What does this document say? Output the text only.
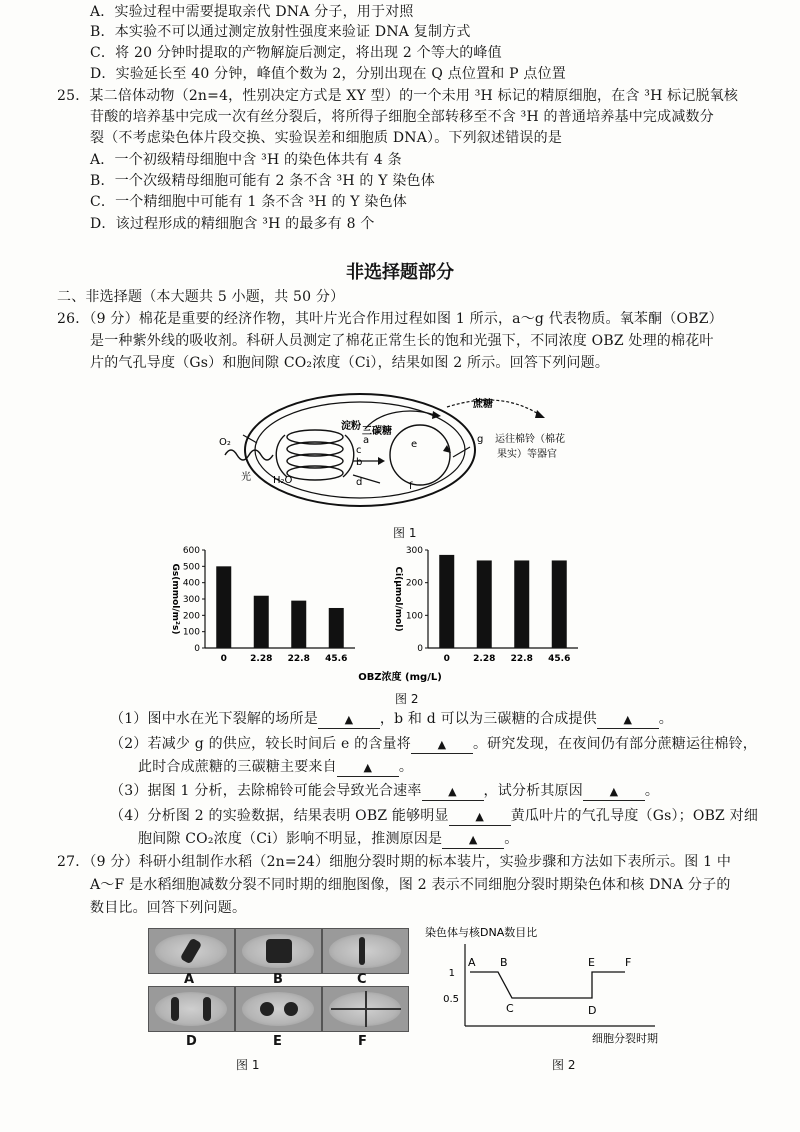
A．实验过程中需要提取亲代 DNA 分子，用于对照
B．本实验不可以通过测定放射性强度来验证 DNA 复制方式
C．将 20 分钟时提取的产物解旋后测定，将出现 2 个等大的峰值
D．实验延长至 40 分钟，峰值个数为 2，分别出现在 Q 点位置和 P 点位置
25．某二倍体动物（2n=4，性别决定方式是 XY 型）的一个未用 ³H 标记的精原细胞，在含 ³H 标记脱氧核
苷酸的培养基中完成一次有丝分裂后，将所得子细胞全部转移至不含 ³H 的普通培养基中完成减数分
裂（不考虑染色体片段交换、实验误差和细胞质 DNA）。下列叙述错误的是
A．一个初级精母细胞中含 ³H 的染色体共有 4 条
B．一个次级精母细胞可能有 2 条不含 ³H 的 Y 染色体
C．一个精细胞中可能有 1 条不含 ³H 的 Y 染色体
D．该过程形成的精细胞含 ³H 的最多有 8 个
非选择题部分
二、非选择题（本大题共 5 小题，共 50 分）
26．（9 分）棉花是重要的经济作物，其叶片光合作用过程如图 1 所示，a～g 代表物质。氧苯酮（OBZ）
是一种紫外线的吸收剂。科研人员测定了棉花正常生长的饱和光强下，不同浓度 OBZ 处理的棉花叶
片的气孔导度（Gs）和胞间隙 CO₂浓度（Ci），结果如图 2 所示。回答下列问题。
蔗糖
淀粉 三碳糖
O₂
光 H₂O
a
b
c
d
e
f
g 运往棉铃（棉花
果实）等器官
图 1
0
100
200
300
400
500
600
0	2.28 22.8 45.6
Gs(mmol/m²s)
0
100
200
300
0	2.28 22.8 45.6
Ci(μmol/mol)
OBZ浓度 (mg/L)
图 2
（1）图中水在光下裂解的场所是 ▲ ，b 和 d 可以为三碳糖的合成提供 ▲ 。
（2）若减少 g 的供应，较长时间后 e 的含量将 ▲ 。研究发现，在夜间仍有部分蔗糖运往棉铃，
此时合成蔗糖的三碳糖主要来自 ▲ 。
（3）据图 1 分析，去除棉铃可能会导致光合速率 ▲ ，试分析其原因 ▲ 。
（4）分析图 2 的实验数据，结果表明 OBZ 能够明显 ▲ 黄瓜叶片的气孔导度（Gs）；OBZ 对细
胞间隙 CO₂浓度（Ci）影响不明显，推测原因是 ▲ 。
27．（9 分）科研小组制作水稻（2n=24）细胞分裂时期的标本装片，实验步骤和方法如下表所示。图 1 中
A～F 是水稻细胞减数分裂不同时期的细胞图像，图 2 表示不同细胞分裂时期染色体和核 DNA 分子的
数目比。回答下列问题。
A	B	C
D	E	F
图 1
染色体与核DNA数目比
1
0.5
A B
C	D
E	F
细胞分裂时期
图 2
